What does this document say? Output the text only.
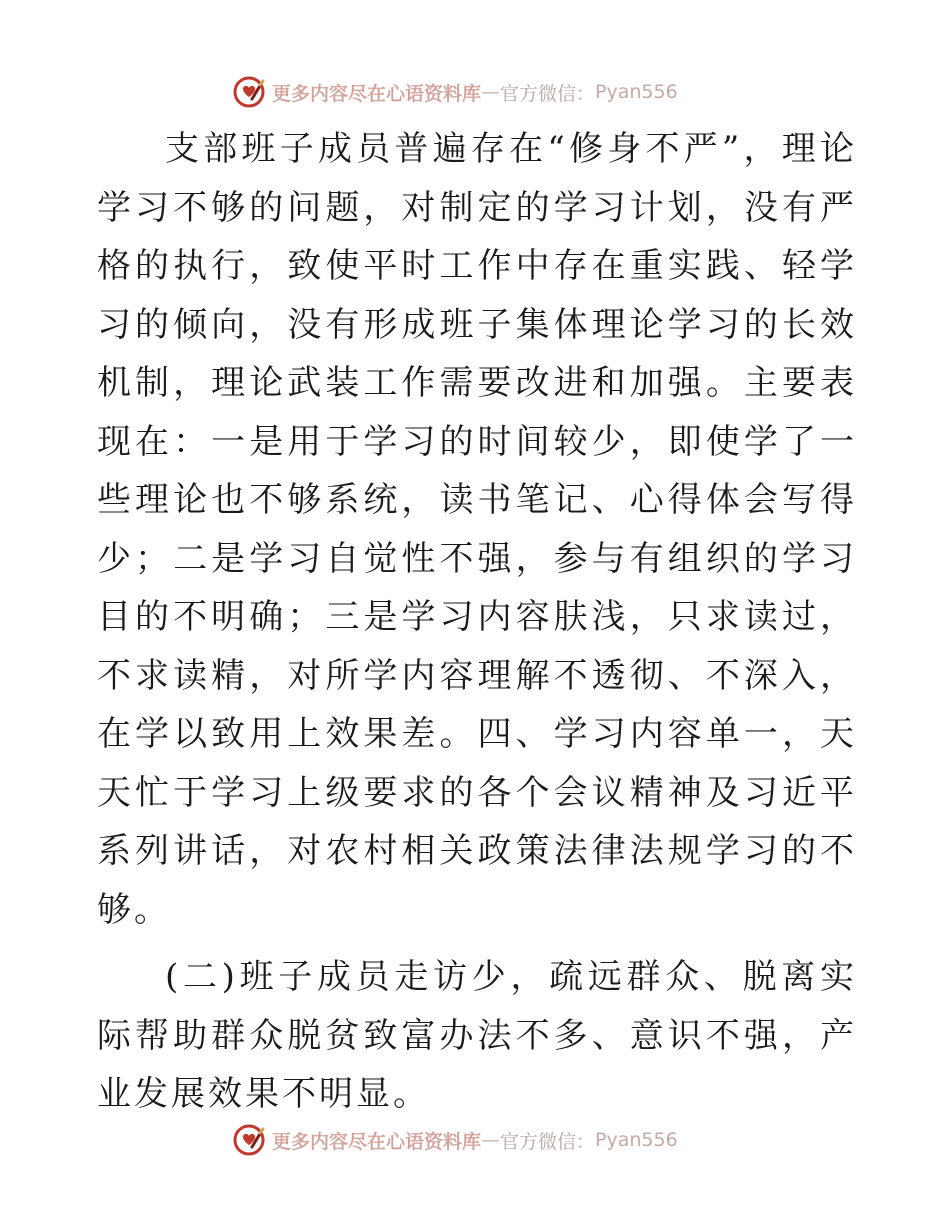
更多内容尽在心语资料库 — 官方微信： Pyan556

支部班子成员普遍存在“修身不严”，理论学习不够的问题，对制定的学习计划，没有严格的执行，致使平时工作中存在重实践、轻学习的倾向，没有形成班子集体理论学习的长效机制，理论武装工作需要改进和加强。主要表现在：一是用于学习的时间较少，即使学了一些理论也不够系统，读书笔记、心得体会写得少；二是学习自觉性不强，参与有组织的学习目的不明确；三是学习内容肤浅，只求读过，不求读精，对所学内容理解不透彻、不深入，在学以致用上效果差。四、学习内容单一，天天忙于学习上级要求的各个会议精神及习近平系列讲话，对农村相关政策法律法规学习的不够。

(二)班子成员走访少，疏远群众、脱离实际帮助群众脱贫致富办法不多、意识不强，产业发展效果不明显。

更多内容尽在心语资料库 — 官方微信： Pyan556
